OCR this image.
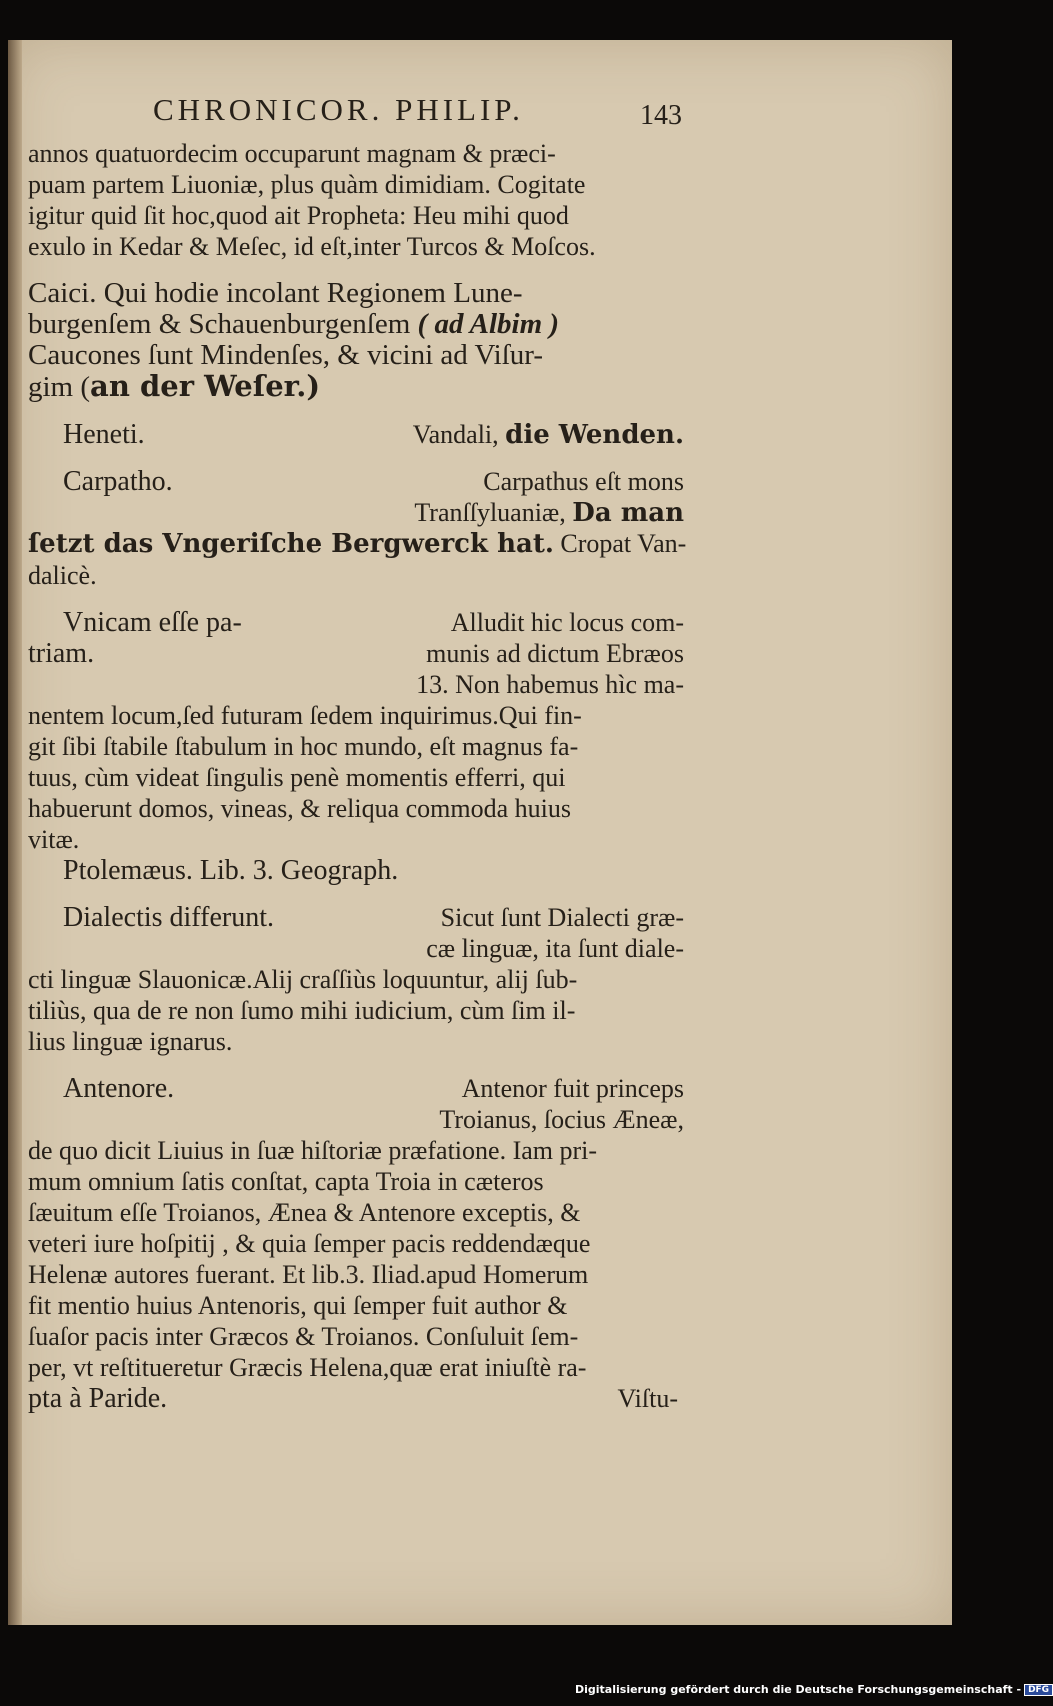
CHRONICOR. PHILIP.	143

annos quatuordecim occuparunt magnam & præci-
puam partem Liuoniæ, plus quàm dimidiam. Cogitate
igitur quid ſit hoc,quod ait Propheta: Heu mihi quod
exulo in Kedar & Meſec, id eſt,inter Turcos & Moſcos.

Caici. Qui hodie incolant Regionem Lune-
burgenſem & Schauenburgenſem ( ad Albim )
Caucones ſunt Mindenſes, & vicini ad Viſur-
gim (an der Weſer.)

Heneti.	Vandali, die Wenden.
Carpatho.	Carpathus eſt mons
Tranſſyluaniæ, Da man
ſetzt das Vngeriſche Bergwerck hat. Cropat Van-
dalicè.
Vnicam eſſe pa-	Alludit hic locus com-
triam.	munis ad dictum Ebræos
13. Non habemus hìc ma-
nentem locum,ſed futuram ſedem inquirimus.Qui fin-
git ſibi ſtabile ſtabulum in hoc mundo, eſt magnus fa-
tuus, cùm videat ſingulis penè momentis efferri, qui
habuerunt domos, vineas, & reliqua commoda huius
vitæ.
Ptolemæus. Lib. 3. Geograph.
Dialectis differunt.	Sicut ſunt Dialecti græ-
cæ linguæ, ita ſunt diale-
cti linguæ Slauonicæ.Alij craſſiùs loquuntur, alij ſub-
tiliùs, qua de re non ſumo mihi iudicium, cùm ſim il-
lius linguæ ignarus.
Antenore.	Antenor fuit princeps
Troianus, ſocius Æneæ,
de quo dicit Liuius in ſuæ hiſtoriæ præfatione. Iam pri-
mum omnium ſatis conſtat, capta Troia in cæteros
ſæuitum eſſe Troianos, Ænea & Antenore exceptis, &
veteri iure hoſpitij , & quia ſemper pacis reddendæque
Helenæ autores fuerant. Et lib.3. Iliad.apud Homerum
fit mentio huius Antenoris, qui ſemper fuit author &
ſuaſor pacis inter Græcos & Troianos. Conſuluit ſem-
per, vt reſtitueretur Græcis Helena,quæ erat iniuſtè ra-
pta à Paride.	Viſtu-
Digitalisierung gefördert durch die Deutsche Forschungsgemeinschaft - DFG
